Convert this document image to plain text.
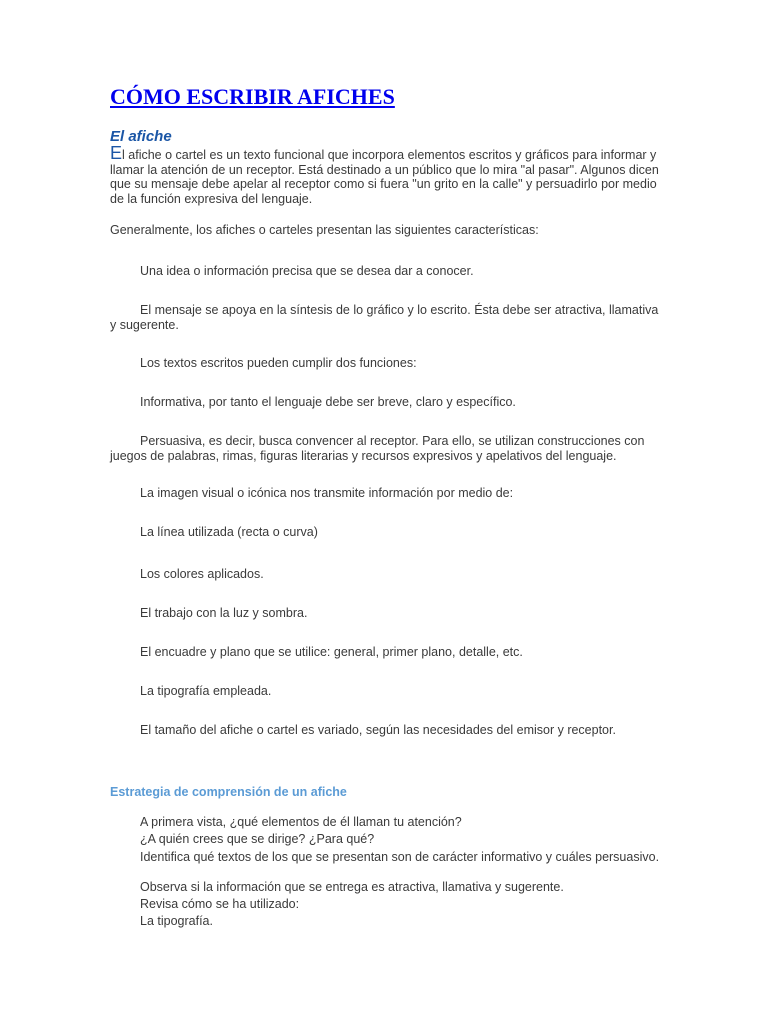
CÓMO ESCRIBIR AFICHES
El afiche
El afiche o cartel es un texto funcional que incorpora elementos escritos y gráficos para informar y llamar la atención de un receptor. Está destinado a un público que lo mira "al pasar". Algunos dicen que su mensaje debe apelar al receptor como si fuera "un grito en la calle" y persuadirlo por medio de la función expresiva del lenguaje.
Generalmente, los afiches o carteles presentan las siguientes características:
Una idea o información precisa que se desea dar a conocer.
El mensaje se apoya en la síntesis de lo gráfico y lo escrito. Ésta debe ser atractiva, llamativa y sugerente.
Los textos escritos pueden cumplir dos funciones:
Informativa, por tanto el lenguaje debe ser breve, claro y específico.
Persuasiva, es decir, busca convencer al receptor. Para ello, se utilizan construcciones con juegos de palabras, rimas, figuras literarias y recursos expresivos y apelativos del lenguaje.
La imagen visual o icónica nos transmite información por medio de:
La línea utilizada (recta o curva)
Los colores aplicados.
El trabajo con la luz y sombra.
El encuadre y plano que se utilice: general, primer plano, detalle, etc.
La tipografía empleada.
El tamaño del afiche o cartel es variado, según las necesidades del emisor y receptor.
Estrategia de comprensión de un afiche
A primera vista, ¿qué elementos de él llaman tu atención?
¿A quién crees que se dirige? ¿Para qué?
Identifica qué textos de los que se presentan son de carácter informativo y cuáles persuasivo.
Observa si la información que se entrega es atractiva, llamativa y sugerente.
Revisa cómo se ha utilizado:
La tipografía.
